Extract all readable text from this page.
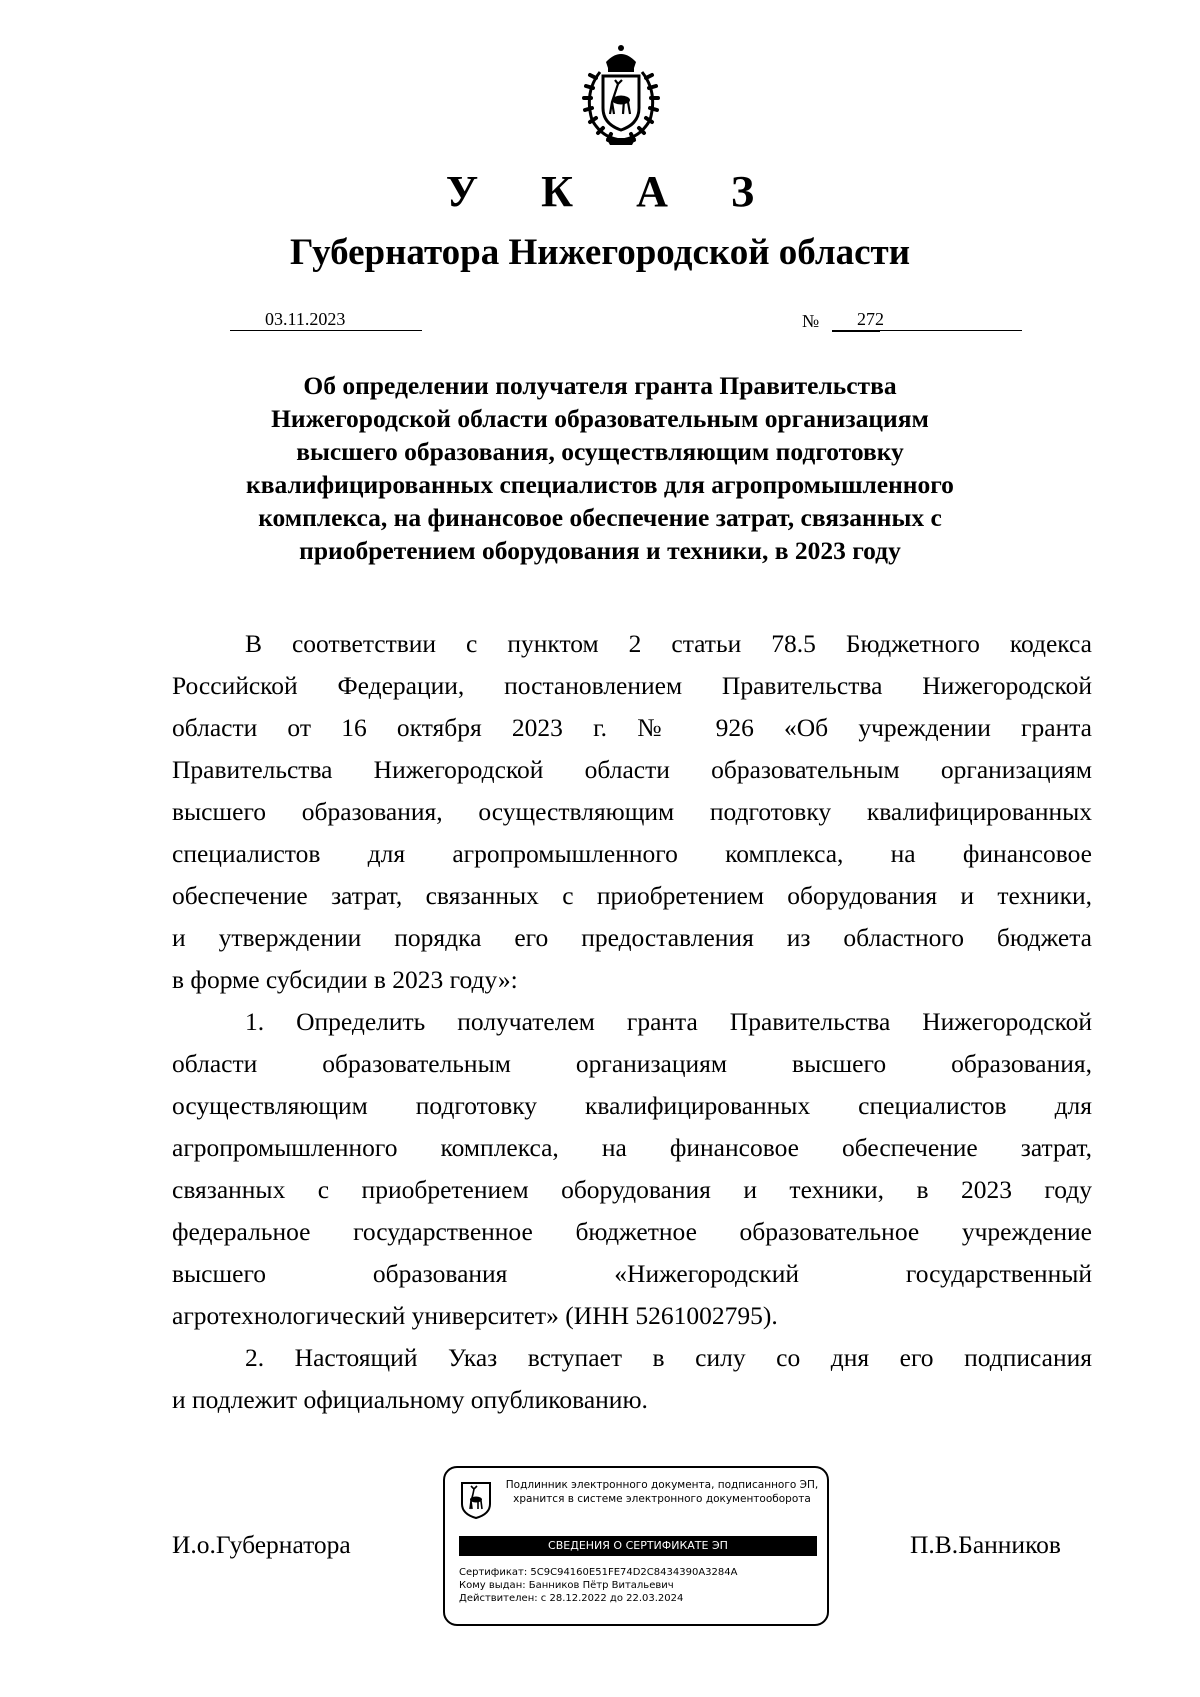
У К А З
Губернатора Нижегородской области
03.11.2023	№	272
Об определении получателя гранта Правительства
Нижегородской области образовательным организациям
высшего образования, осуществляющим подготовку
квалифицированных специалистов для агропромышленного
комплекса, на финансовое обеспечение затрат, связанных с
приобретением оборудования и техники, в 2023 году
В соответствии с пунктом 2 статьи 78.5 Бюджетного кодекса
Российской Федерации, постановлением Правительства Нижегородской
области от 16 октября 2023 г. № 926 «Об учреждении гранта
Правительства Нижегородской области образовательным организациям
высшего образования, осуществляющим подготовку квалифицированных
специалистов для агропромышленного комплекса, на финансовое
обеспечение затрат, связанных с приобретением оборудования и техники,
и утверждении порядка его предоставления из областного бюджета
в форме субсидии в 2023 году»:
1. Определить получателем гранта Правительства Нижегородской
области образовательным организациям высшего образования,
осуществляющим подготовку квалифицированных специалистов для
агропромышленного комплекса, на финансовое обеспечение затрат,
связанных с приобретением оборудования и техники, в 2023 году
федеральное государственное бюджетное образовательное учреждение
высшего образования «Нижегородский государственный
агротехнологический университет» (ИНН 5261002795).
2. Настоящий Указ вступает в силу со дня его подписания
и подлежит официальному опубликованию.
И.о.Губернатора	П.В.Банников
Подлинник электронного документа, подписанного ЭП,
хранится в системе электронного документооборота
СВЕДЕНИЯ О СЕРТИФИКАТЕ ЭП
Сертификат: 5C9C94160E51FE74D2C8434390A3284A
Кому выдан: Банников Пётр Витальевич
Действителен: с 28.12.2022 до 22.03.2024
